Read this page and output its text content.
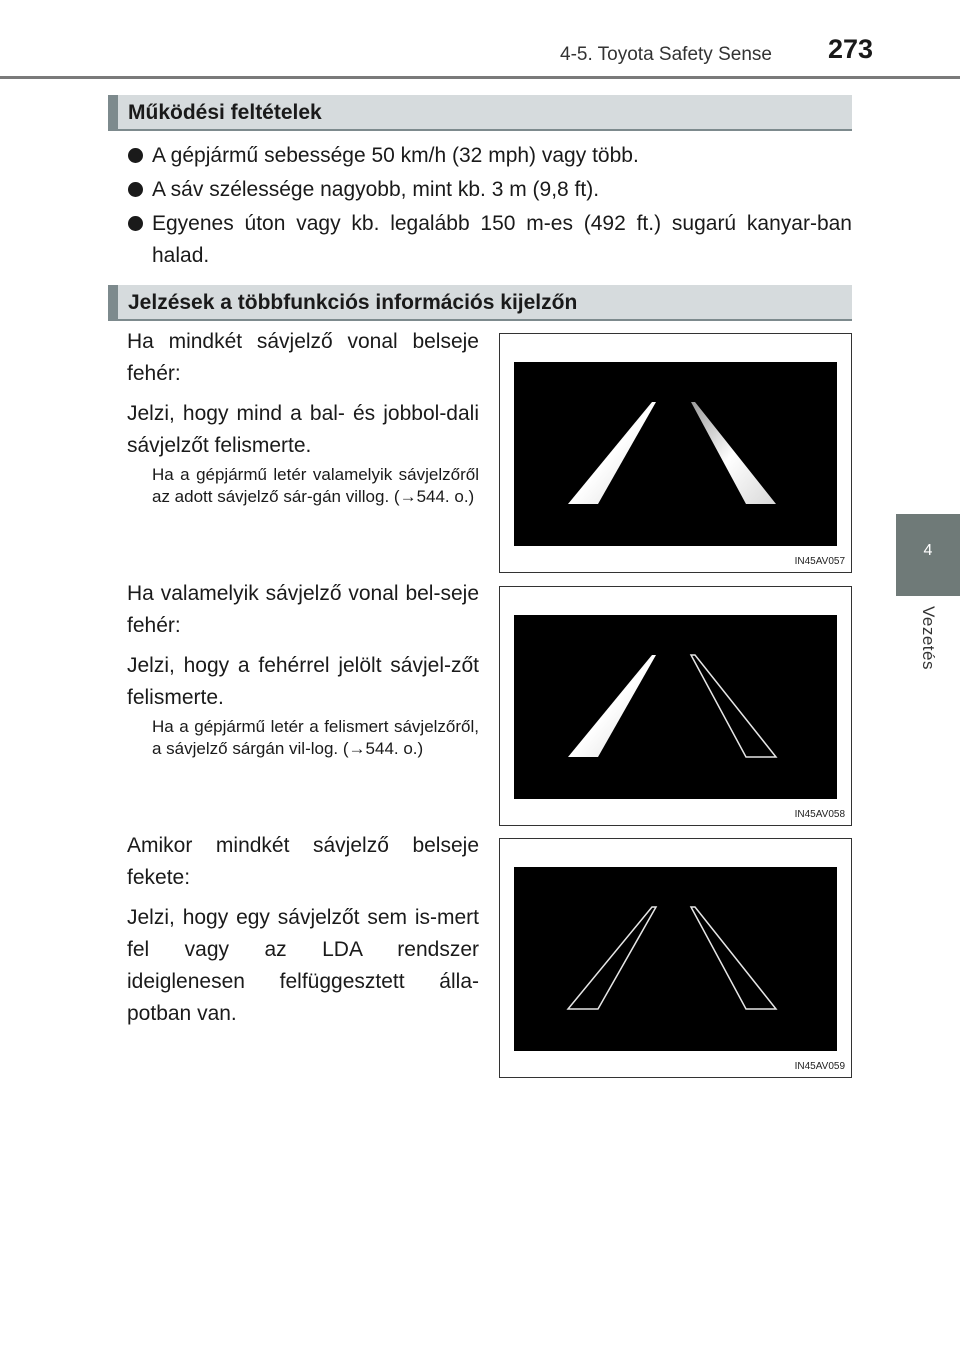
4-5. Toyota Safety Sense 273
4
Vezetés
Működési feltételek
A gépjármű sebessége 50 km/h (32 mph) vagy több.
A sáv szélessége nagyobb, mint kb. 3 m (9,8 ft).
Egyenes úton vagy kb. legalább 150 m-es (492 ft.) sugarú kanyar-ban halad.
Jelzések a többfunkciós információs kijelzőn

Ha mindkét sávjelző vonal belseje fehér:

Jelzi, hogy mind a bal- és jobbol-dali sávjelzőt felismerte.

Ha a gépjármű letér valamelyik sávjelzőről az adott sávjelző sár-gán villog. (→544. o.)
IN45AV057

Ha valamelyik sávjelző vonal bel-seje fehér:

Jelzi, hogy a fehérrel jelölt sávjel-zőt felismerte.

Ha a gépjármű letér a felismert sávjelzőről, a sávjelző sárgán vil-log. (→544. o.)
IN45AV058

Amikor mindkét sávjelző belseje fekete:

Jelzi, hogy egy sávjelzőt sem is-mert fel vagy az LDA rendszer ideiglenesen felfüggesztett álla-potban van.

IN45AV059
